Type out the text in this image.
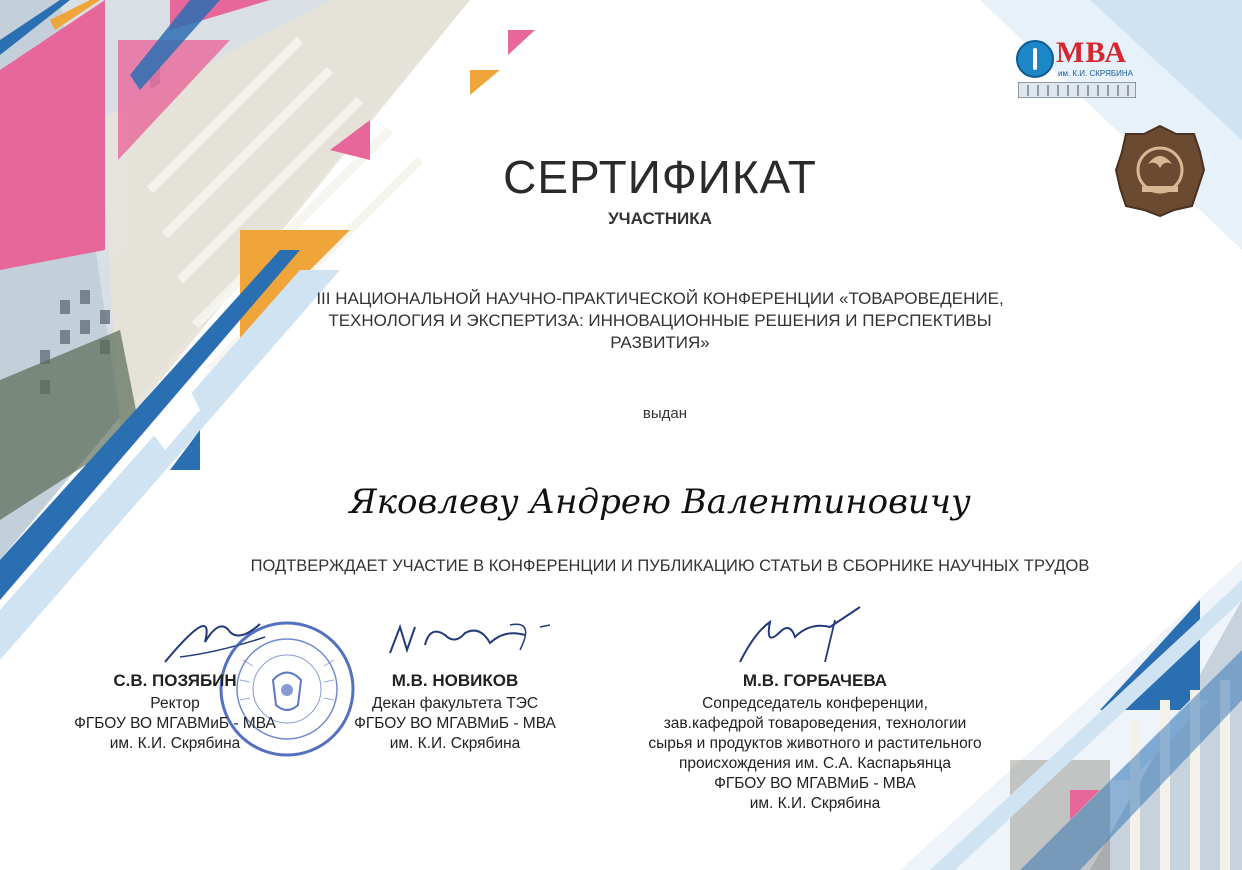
МВА
им. К.И. СКРЯБИНА
СЕРТИФИКАТ
УЧАСТНИКА
III НАЦИОНАЛЬНОЙ НАУЧНО-ПРАКТИЧЕСКОЙ КОНФЕРЕНЦИИ «ТОВАРОВЕДЕНИЕ,
ТЕХНОЛОГИЯ И ЭКСПЕРТИЗА: ИННОВАЦИОННЫЕ РЕШЕНИЯ И ПЕРСПЕКТИВЫ
РАЗВИТИЯ»
выдан
Яковлеву Андрею Валентиновичу
ПОДТВЕРЖДАЕТ УЧАСТИЕ В КОНФЕРЕНЦИИ И ПУБЛИКАЦИЮ СТАТЬИ В СБОРНИКЕ НАУЧНЫХ ТРУДОВ
С.В. ПОЗЯБИН
Ректор
ФГБОУ ВО МГАВМиБ - МВА
им. К.И. Скрябина
М.В. НОВИКОВ
Декан факультета ТЭС
ФГБОУ ВО МГАВМиБ - МВА
им. К.И. Скрябина
М.В. ГОРБАЧЕВА
Сопредседатель конференции,
зав.кафедрой товароведения, технологии
сырья и продуктов животного и растительного
происхождения им. С.А. Каспарьянца
ФГБОУ ВО МГАВМиБ - МВА
им. К.И. Скрябина
